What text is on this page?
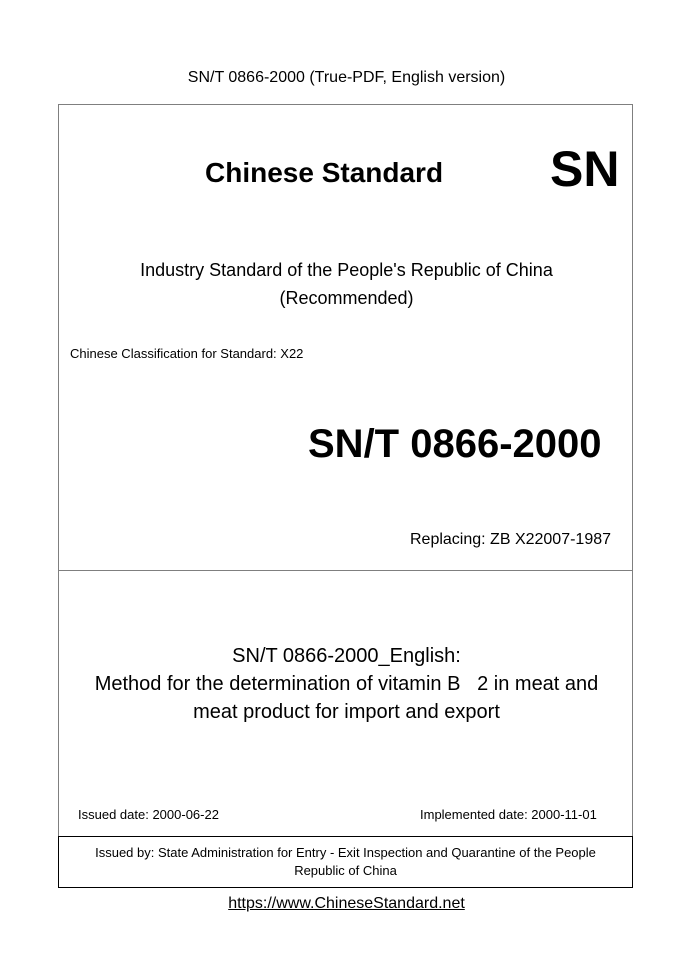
SN/T 0866-2000 (True-PDF, English version)
Chinese Standard SN
Industry Standard of the People's Republic of China
(Recommended)
Chinese Classification for Standard: X22
SN/T 0866-2000
Replacing: ZB X22007-1987
SN/T 0866-2000_English:
Method for the determination of vitamin B   2 in meat and
meat product for import and export
Issued date: 2000-06-22	Implemented date: 2000-11-01
Issued by: State Administration for Entry - Exit Inspection and Quarantine of the People
Republic of China
https://www.ChineseStandard.net
